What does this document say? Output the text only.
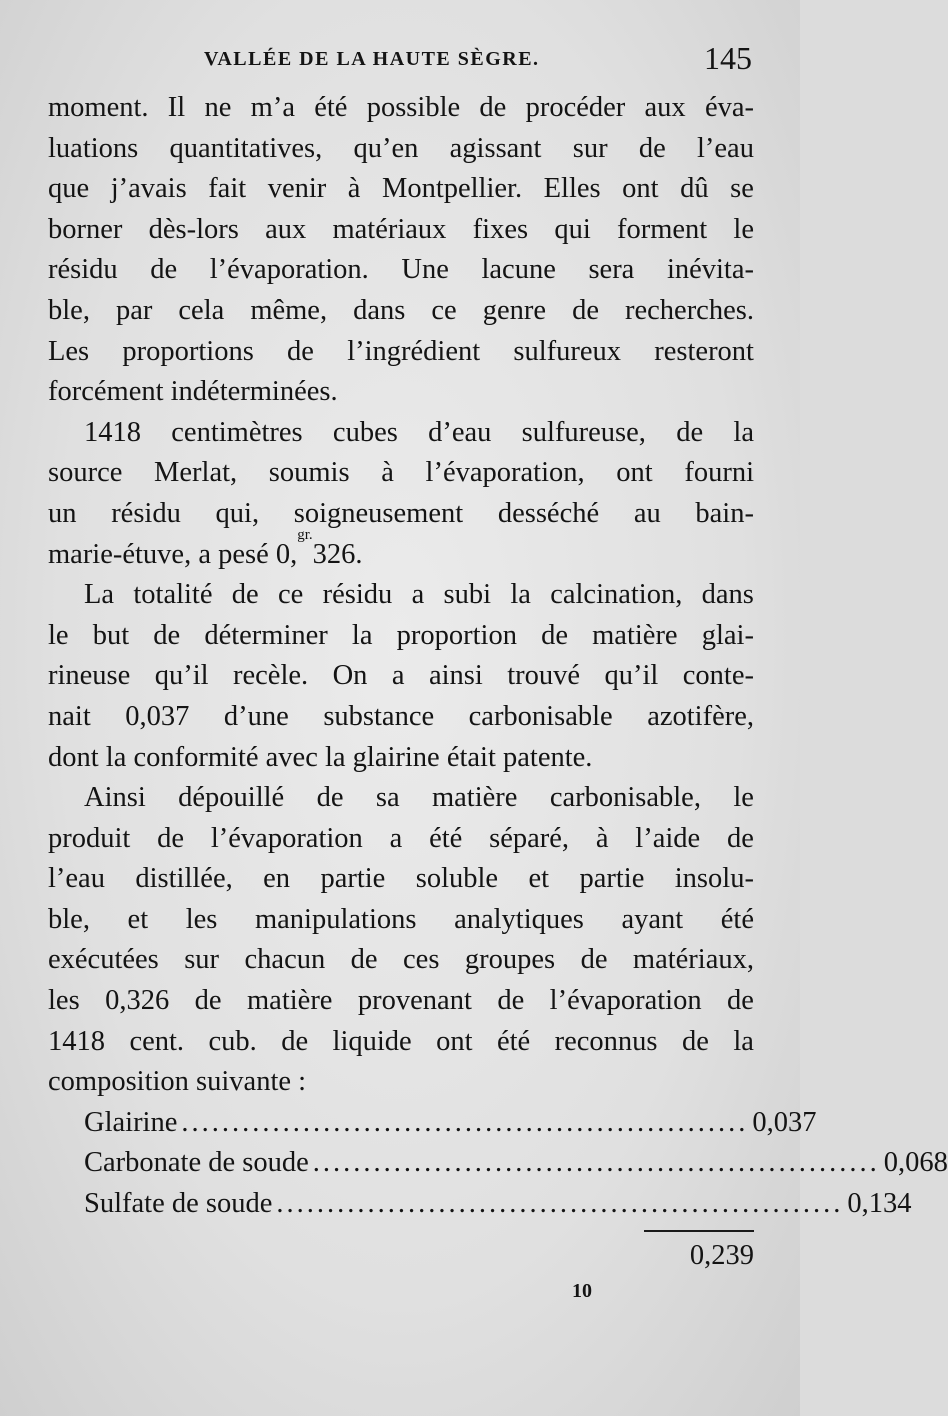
VALLÉE DE LA HAUTE SÈGRE.	145
moment. Il ne m’a été possible de procéder aux éva-
luations quantitatives, qu’en agissant sur de l’eau
que j’avais fait venir à Montpellier. Elles ont dû se
borner dès-lors aux matériaux fixes qui forment le
résidu de l’évaporation. Une lacune sera inévita-
ble, par cela même, dans ce genre de recherches.
Les proportions de l’ingrédient sulfureux resteront
forcément indéterminées.
1418 centimètres cubes d’eau sulfureuse, de la
source Merlat, soumis à l’évaporation, ont fourni
un résidu qui, soigneusement desséché au bain-
marie-étuve, a pesé 0,
gr.
326.
La totalité de ce résidu a subi la calcination, dans
le but de déterminer la proportion de matière glai-
rineuse qu’il recèle. On a ainsi trouvé qu’il conte-
nait 0,037 d’une substance carbonisable azotifère,
dont la conformité avec la glairine était patente.
Ainsi dépouillé de sa matière carbonisable, le
produit de l’évaporation a été séparé, à l’aide de
l’eau distillée, en partie soluble et partie insolu-
ble, et les manipulations analytiques ayant été
exécutées sur chacun de ces groupes de matériaux,
les 0,326 de matière provenant de l’évaporation de
1418 cent. cub. de liquide ont été reconnus de la
composition suivante :
Glairine ........................................................ 0,037
Carbonate de soude ........................................................ 0,068
Sulfate de soude ........................................................ 0,134
0,239
10
